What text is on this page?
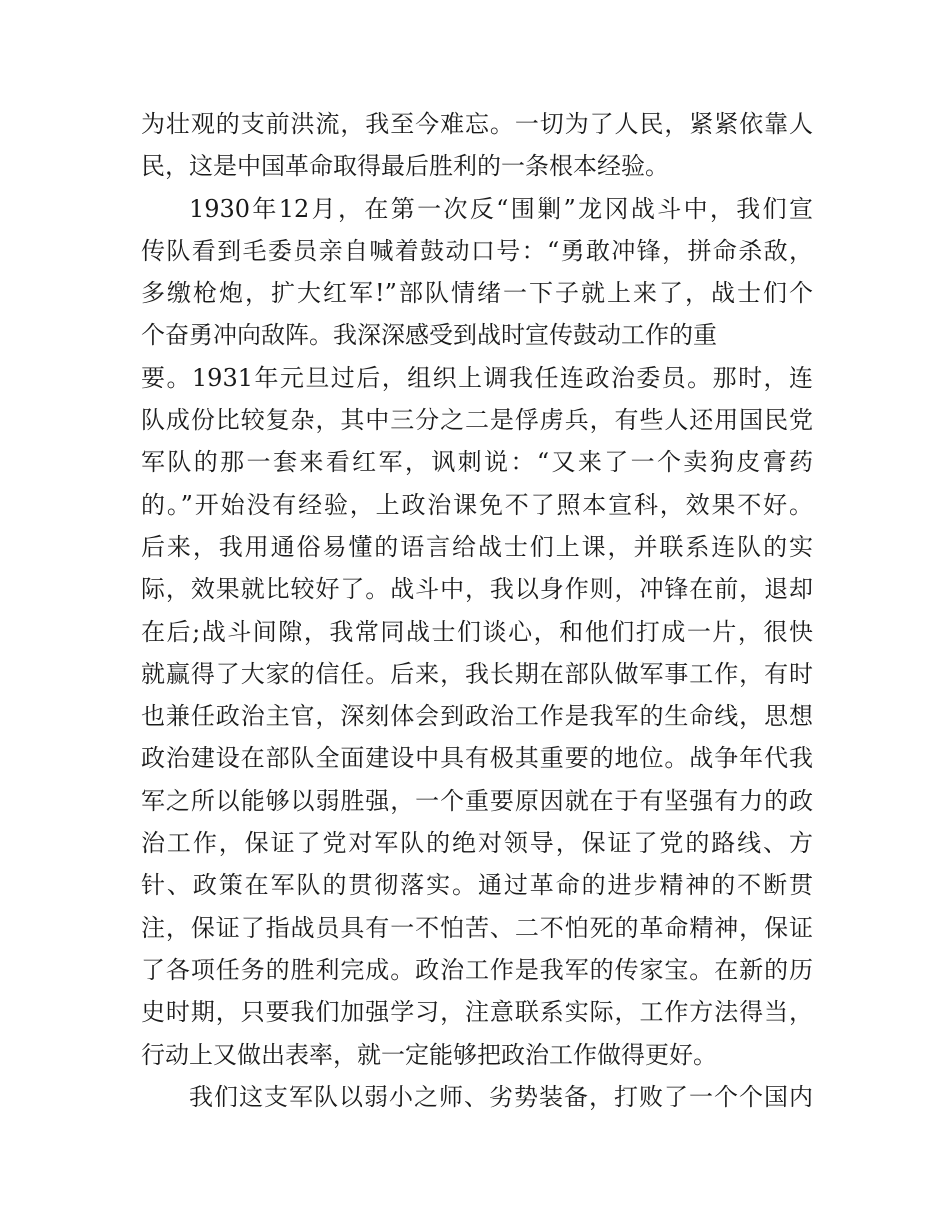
为壮观的支前洪流，我至今难忘。一切为了人民，紧紧依靠人
民，这是中国革命取得最后胜利的一条根本经验。
1930年12月，在第一次反“围剿”龙冈战斗中，我们宣
传队看到毛委员亲自喊着鼓动口号：“勇敢冲锋，拼命杀敌，
多缴枪炮，扩大红军!”部队情绪一下子就上来了，战士们个
个奋勇冲向敌阵。我深深感受到战时宣传鼓动工作的重
要。1931年元旦过后，组织上调我任连政治委员。那时，连
队成份比较复杂，其中三分之二是俘虏兵，有些人还用国民党
军队的那一套来看红军，讽刺说：“又来了一个卖狗皮膏药
的。”开始没有经验，上政治课免不了照本宣科，效果不好。
后来，我用通俗易懂的语言给战士们上课，并联系连队的实
际，效果就比较好了。战斗中，我以身作则，冲锋在前，退却
在后;战斗间隙，我常同战士们谈心，和他们打成一片，很快
就赢得了大家的信任。后来，我长期在部队做军事工作，有时
也兼任政治主官，深刻体会到政治工作是我军的生命线，思想
政治建设在部队全面建设中具有极其重要的地位。战争年代我
军之所以能够以弱胜强，一个重要原因就在于有坚强有力的政
治工作，保证了党对军队的绝对领导，保证了党的路线、方
针、政策在军队的贯彻落实。通过革命的进步精神的不断贯
注，保证了指战员具有一不怕苦、二不怕死的革命精神，保证
了各项任务的胜利完成。政治工作是我军的传家宝。在新的历
史时期，只要我们加强学习，注意联系实际，工作方法得当，
行动上又做出表率，就一定能够把政治工作做得更好。
我们这支军队以弱小之师、劣势装备，打败了一个个国内
